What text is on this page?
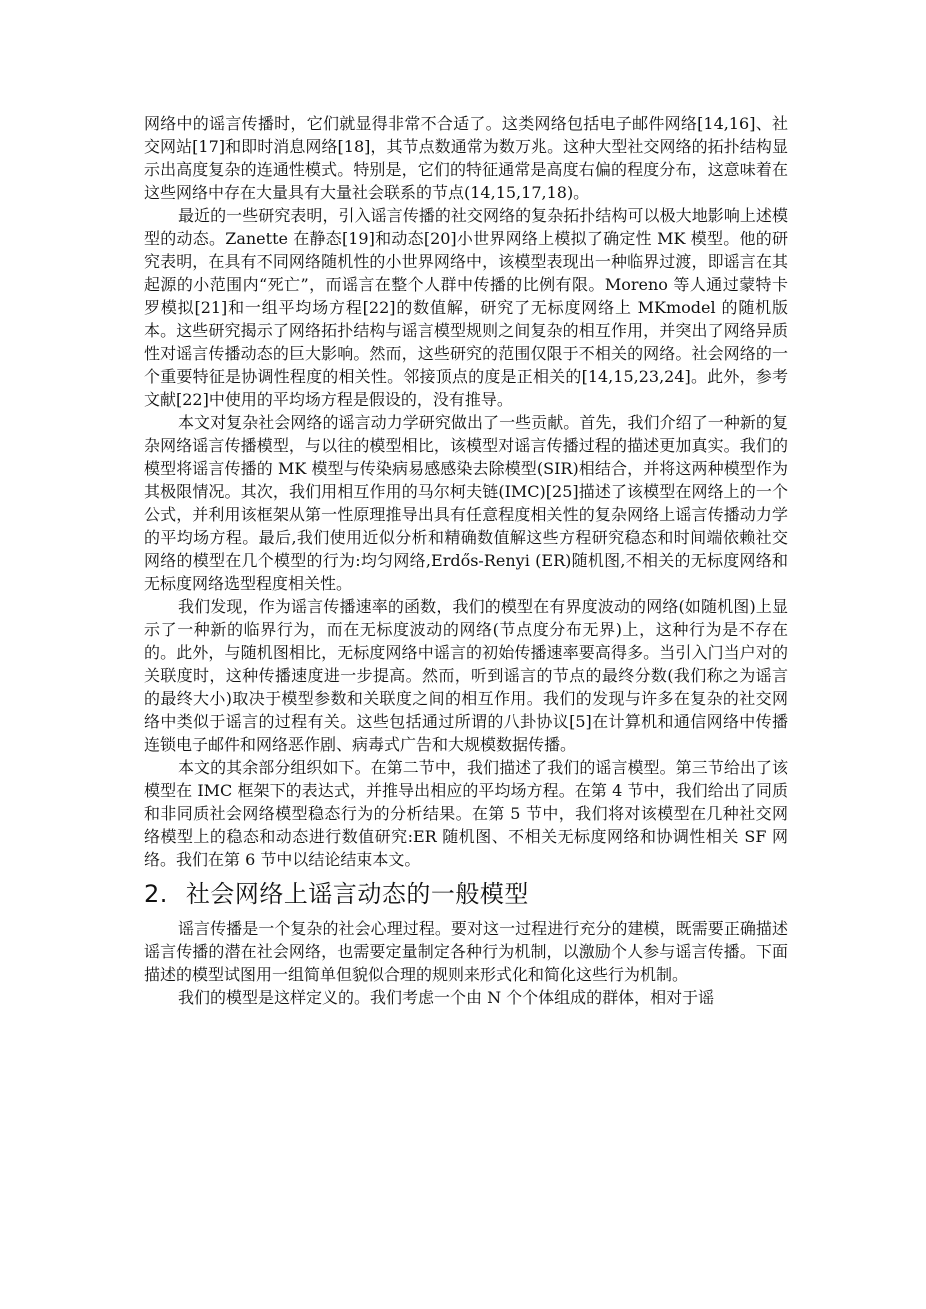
网络中的谣言传播时，它们就显得非常不合适了。这类网络包括电子邮件网络[14,16]、社交网站[17]和即时消息网络[18]，其节点数通常为数万兆。这种大型社交网络的拓扑结构显示出高度复杂的连通性模式。特别是，它们的特征通常是高度右偏的程度分布，这意味着在这些网络中存在大量具有大量社会联系的节点(14,15,17,18)。

最近的一些研究表明，引入谣言传播的社交网络的复杂拓扑结构可以极大地影响上述模型的动态。Zanette 在静态[19]和动态[20]小世界网络上模拟了确定性 MK 模型。他的研究表明，在具有不同网络随机性的小世界网络中，该模型表现出一种临界过渡，即谣言在其起源的小范围内“死亡”，而谣言在整个人群中传播的比例有限。Moreno 等人通过蒙特卡罗模拟[21]和一组平均场方程[22]的数值解，研究了无标度网络上 MKmodel 的随机版本。这些研究揭示了网络拓扑结构与谣言模型规则之间复杂的相互作用，并突出了网络异质性对谣言传播动态的巨大影响。然而，这些研究的范围仅限于不相关的网络。社会网络的一个重要特征是协调性程度的相关性。邻接顶点的度是正相关的[14,15,23,24]。此外，参考文献[22]中使用的平均场方程是假设的，没有推导。

本文对复杂社会网络的谣言动力学研究做出了一些贡献。首先，我们介绍了一种新的复杂网络谣言传播模型，与以往的模型相比，该模型对谣言传播过程的描述更加真实。我们的模型将谣言传播的 MK 模型与传染病易感感染去除模型(SIR)相结合，并将这两种模型作为其极限情况。其次，我们用相互作用的马尔柯夫链(IMC)[25]描述了该模型在网络上的一个公式，并利用该框架从第一性原理推导出具有任意程度相关性的复杂网络上谣言传播动力学的平均场方程。最后,我们使用近似分析和精确数值解这些方程研究稳态和时间端依赖社交网络的模型在几个模型的行为:均匀网络,Erdős-Renyi (ER)随机图,不相关的无标度网络和无标度网络选型程度相关性。

我们发现，作为谣言传播速率的函数，我们的模型在有界度波动的网络(如随机图)上显示了一种新的临界行为，而在无标度波动的网络(节点度分布无界)上，这种行为是不存在的。此外，与随机图相比，无标度网络中谣言的初始传播速率要高得多。当引入门当户对的关联度时，这种传播速度进一步提高。然而，听到谣言的节点的最终分数(我们称之为谣言的最终大小)取决于模型参数和关联度之间的相互作用。我们的发现与许多在复杂的社交网络中类似于谣言的过程有关。这些包括通过所谓的八卦协议[5]在计算机和通信网络中传播连锁电子邮件和网络恶作剧、病毒式广告和大规模数据传播。

本文的其余部分组织如下。在第二节中，我们描述了我们的谣言模型。第三节给出了该模型在 IMC 框架下的表达式，并推导出相应的平均场方程。在第 4 节中，我们给出了同质和非同质社会网络模型稳态行为的分析结果。在第 5 节中，我们将对该模型在几种社交网络模型上的稳态和动态进行数值研究:ER 随机图、不相关无标度网络和协调性相关 SF 网络。我们在第 6 节中以结论结束本文。

2. 社会网络上谣言动态的一般模型

谣言传播是一个复杂的社会心理过程。要对这一过程进行充分的建模，既需要正确描述谣言传播的潜在社会网络，也需要定量制定各种行为机制，以激励个人参与谣言传播。下面描述的模型试图用一组简单但貌似合理的规则来形式化和简化这些行为机制。

我们的模型是这样定义的。我们考虑一个由 N 个个体组成的群体，相对于谣
